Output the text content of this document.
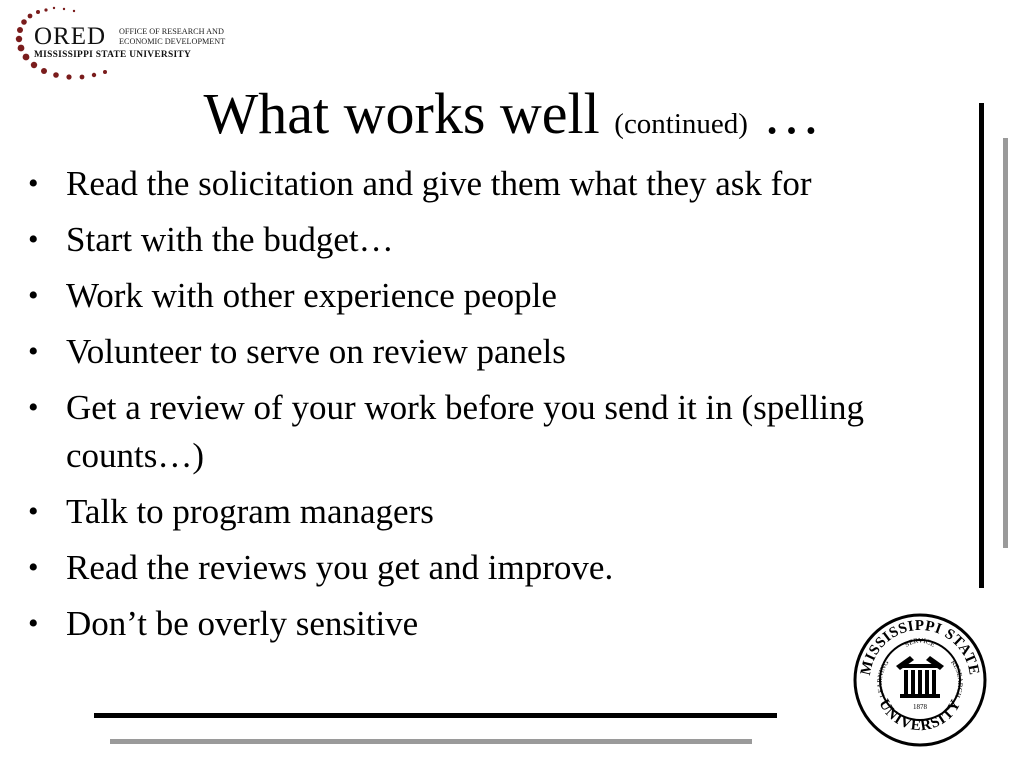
ORED OFFICE OF RESEARCH AND
ECONOMIC DEVELOPMENT
MISSISSIPPI STATE UNIVERSITY
What works well (continued) …
• Read the solicitation and give them what they ask for
• Start with the budget…
• Work with other experience people
• Volunteer to serve on review panels
• Get a review of your work before you send it in (spelling counts…)
• Talk to program managers
• Read the reviews you get and improve.
• Don’t be overly sensitive
MISSISSIPPI STATE
UNIVERSITY
LEARNING	RESEARCH
SERVICE
1878
